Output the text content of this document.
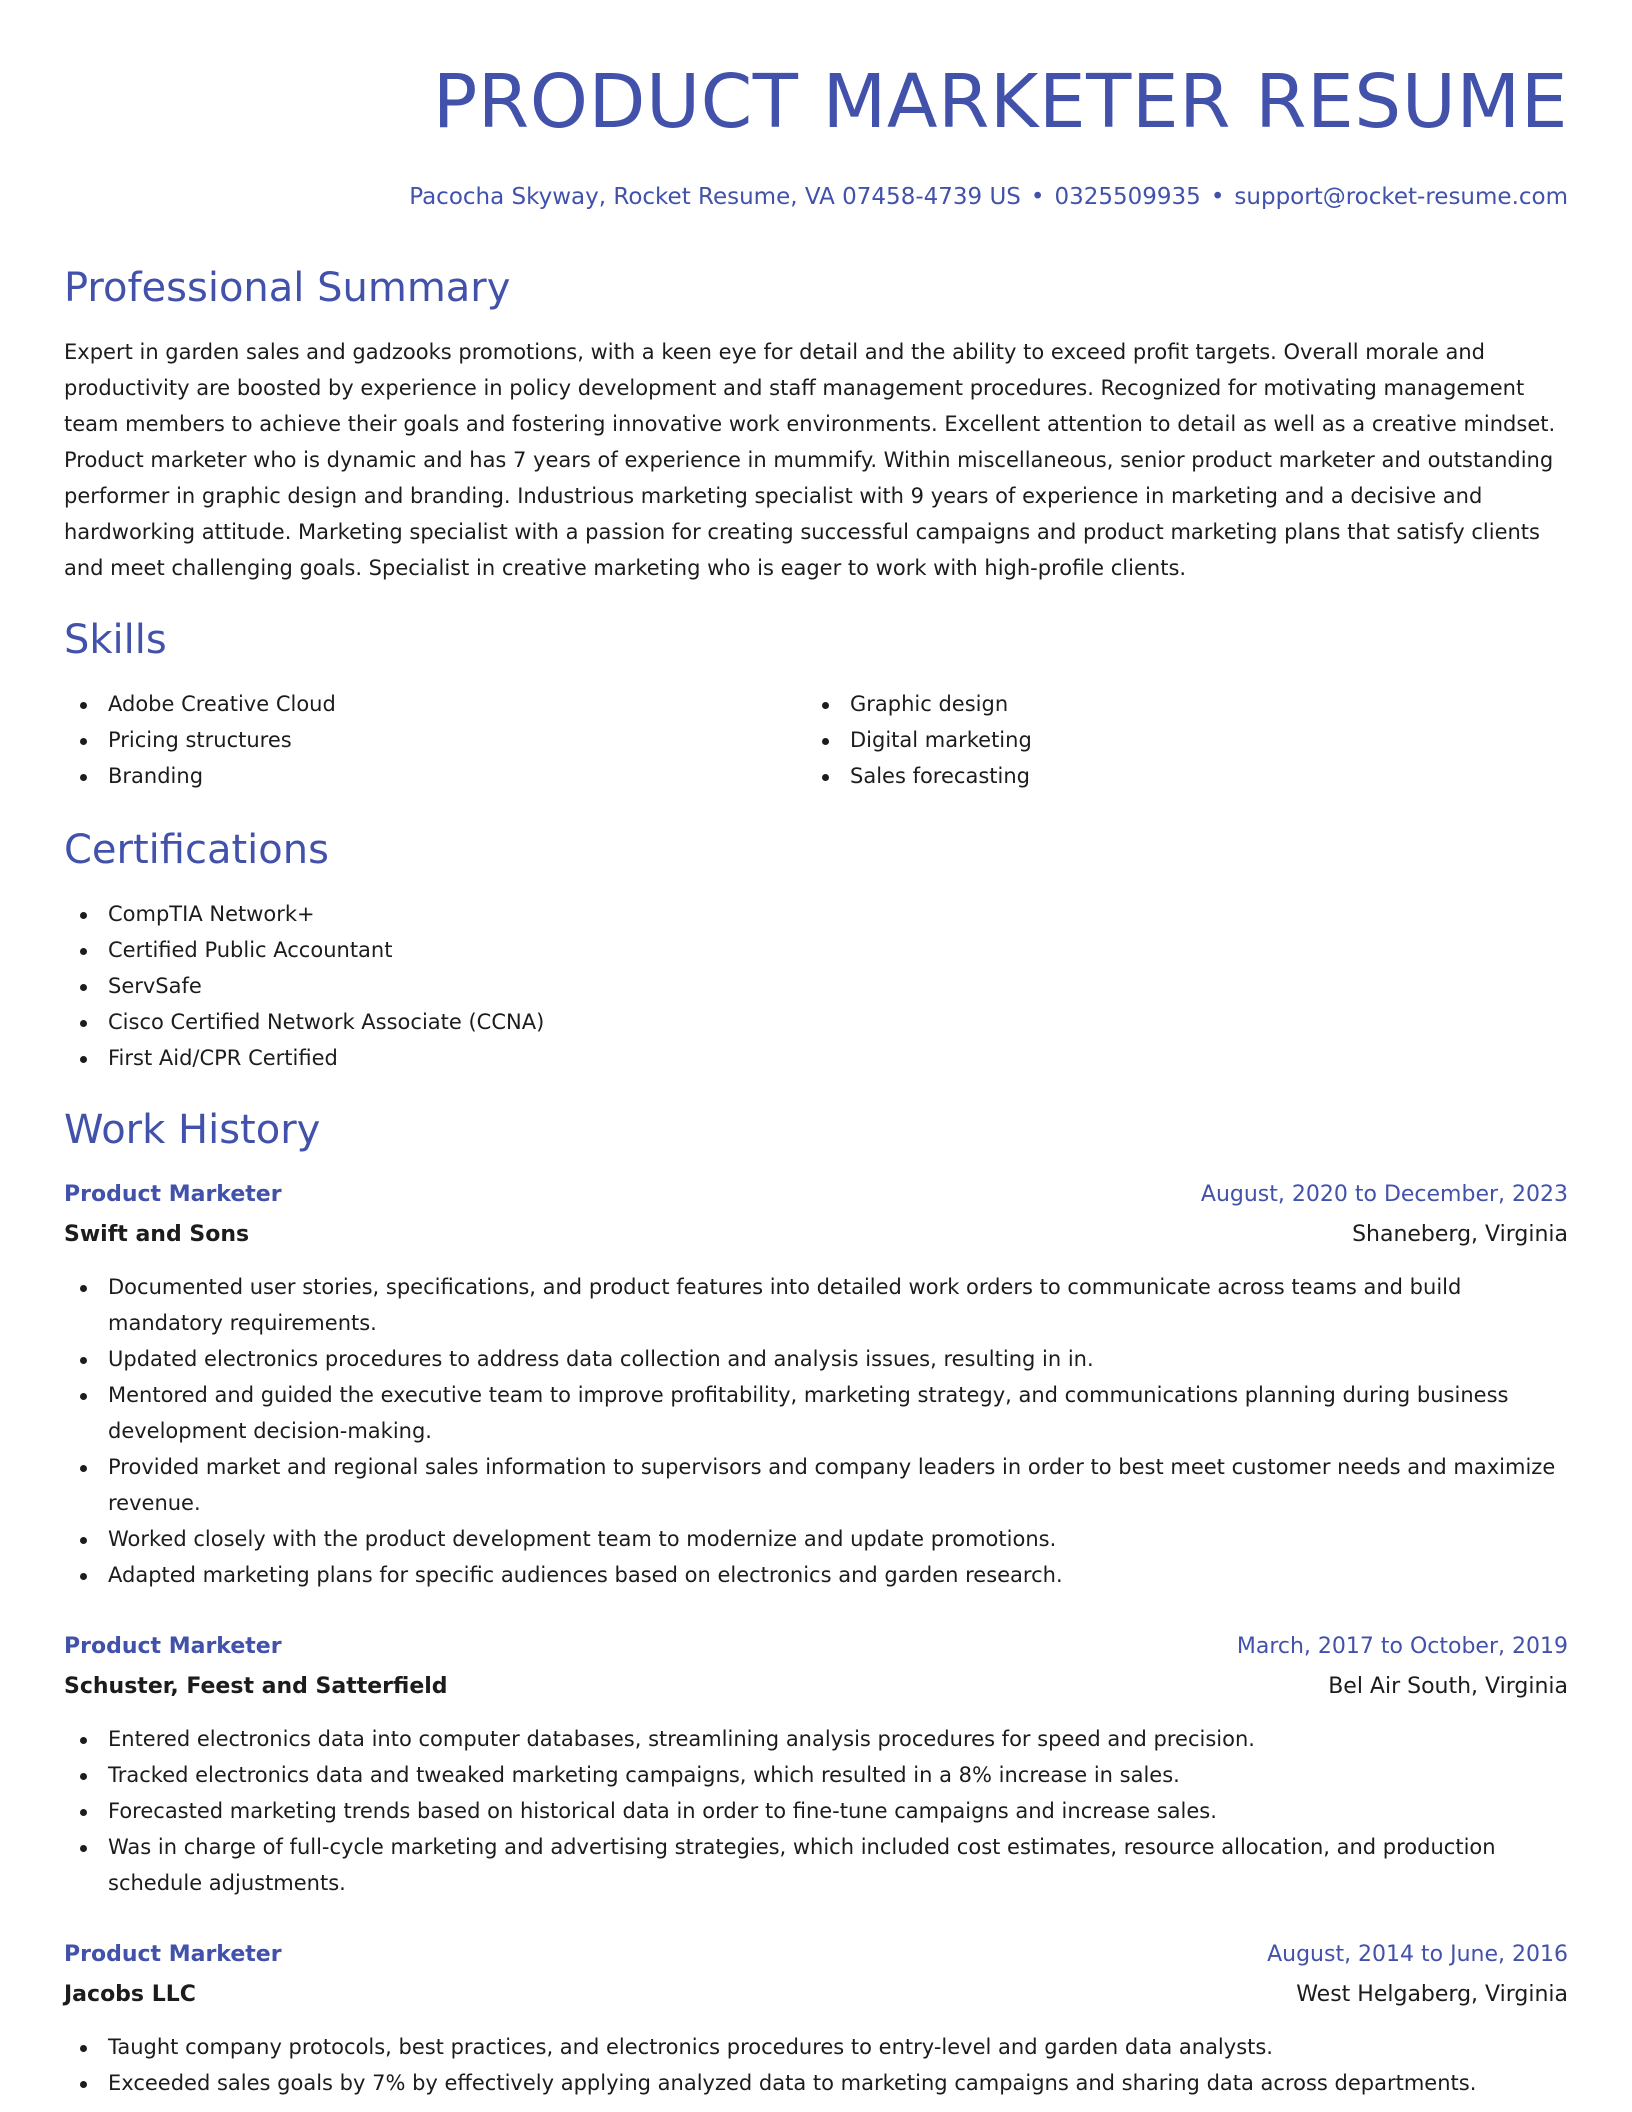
PRODUCT MARKETER RESUME
Pacocha Skyway, Rocket Resume, VA 07458-4739 US • 0325509935 • support@rocket-resume.com
Professional Summary

Expert in garden sales and gadzooks promotions, with a keen eye for detail and the ability to exceed profit targets. Overall morale and productivity are boosted by experience in policy development and staff management procedures. Recognized for motivating management team members to achieve their goals and fostering innovative work environments. Excellent attention to detail as well as a creative mindset. Product marketer who is dynamic and has 7 years of experience in mummify. Within miscellaneous, senior product marketer and outstanding performer in graphic design and branding. Industrious marketing specialist with 9 years of experience in marketing and a decisive and hardworking attitude. Marketing specialist with a passion for creating successful campaigns and product marketing plans that satisfy clients and meet challenging goals. Specialist in creative marketing who is eager to work with high-profile clients.

Skills
Adobe Creative Cloud
Pricing structures
Branding
Graphic design
Digital marketing
Sales forecasting
Certifications
CompTIA Network+
Certified Public Accountant
ServSafe
Cisco Certified Network Associate (CCNA)
First Aid/CPR Certified
Work History
Product Marketer	August, 2020 to December, 2023
Swift and Sons	Shaneberg, Virginia
Documented user stories, specifications, and product features into detailed work orders to communicate across teams and build mandatory requirements.
Updated electronics procedures to address data collection and analysis issues, resulting in in.
Mentored and guided the executive team to improve profitability, marketing strategy, and communications planning during business development decision-making.
Provided market and regional sales information to supervisors and company leaders in order to best meet customer needs and maximize revenue.
Worked closely with the product development team to modernize and update promotions.
Adapted marketing plans for specific audiences based on electronics and garden research.
Product Marketer	March, 2017 to October, 2019
Schuster, Feest and Satterfield	Bel Air South, Virginia
Entered electronics data into computer databases, streamlining analysis procedures for speed and precision.
Tracked electronics data and tweaked marketing campaigns, which resulted in a 8% increase in sales.
Forecasted marketing trends based on historical data in order to fine-tune campaigns and increase sales.
Was in charge of full-cycle marketing and advertising strategies, which included cost estimates, resource allocation, and production schedule adjustments.
Product Marketer	August, 2014 to June, 2016
Jacobs LLC	West Helgaberg, Virginia
Taught company protocols, best practices, and electronics procedures to entry-level and garden data analysts.
Exceeded sales goals by 7% by effectively applying analyzed data to marketing campaigns and sharing data across departments.
